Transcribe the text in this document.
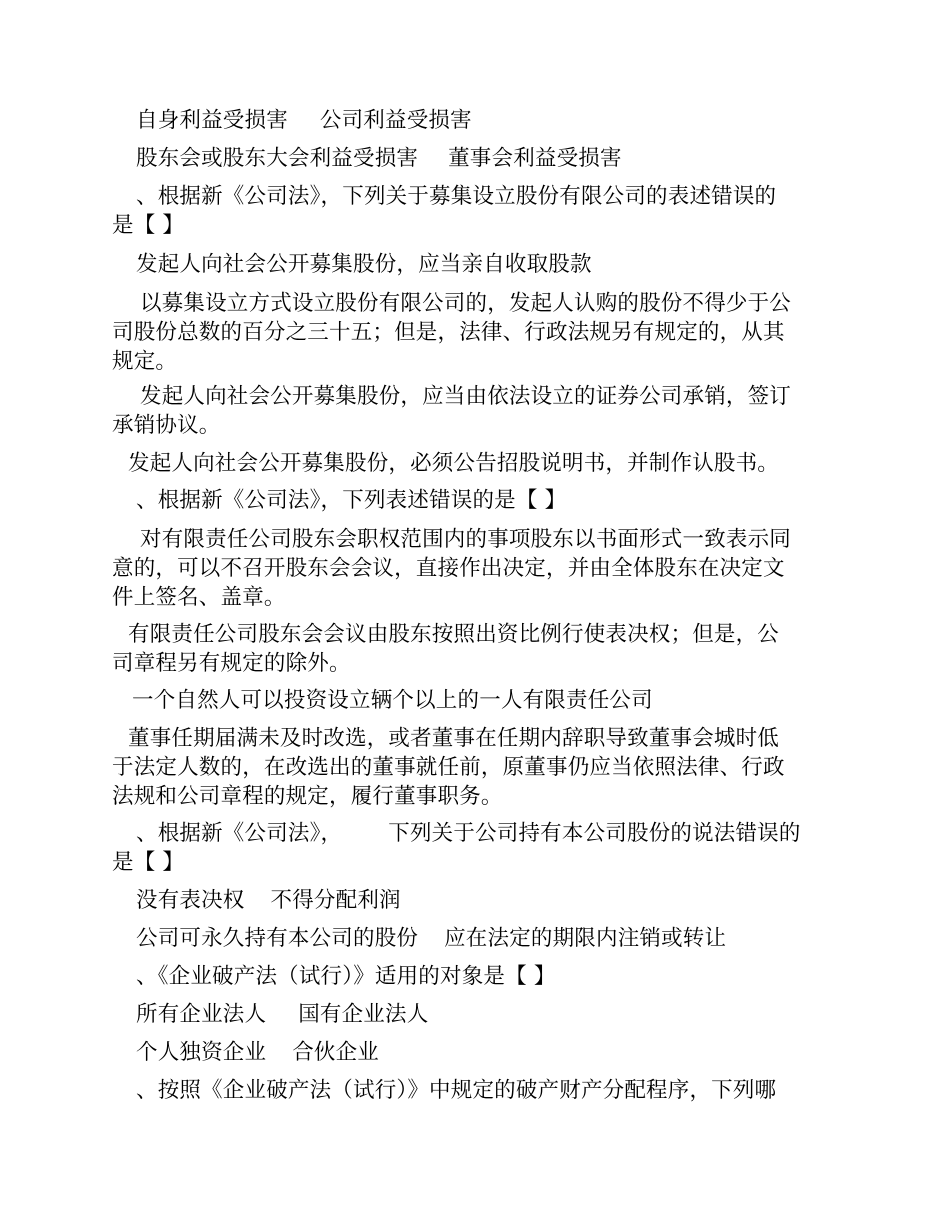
自身利益受损害 公司利益受损害
股东会或股东大会利益受损害 董事会利益受损害
、根据新《公司法》，下列关于募集设立股份有限公司的表述错误的
是【 】
发起人向社会公开募集股份，应当亲自收取股款
以募集设立方式设立股份有限公司的，发起人认购的股份不得少于公
司股份总数的百分之三十五；但是，法律、行政法规另有规定的，从其
规定。
发起人向社会公开募集股份，应当由依法设立的证券公司承销，签订
承销协议。
发起人向社会公开募集股份，必须公告招股说明书，并制作认股书。
、根据新《公司法》，下列表述错误的是【 】
对有限责任公司股东会职权范围内的事项股东以书面形式一致表示同
意的，可以不召开股东会会议，直接作出决定，并由全体股东在决定文
件上签名、盖章。
有限责任公司股东会会议由股东按照出资比例行使表决权；但是，公
司章程另有规定的除外。
一个自然人可以投资设立辆个以上的一人有限责任公司
董事任期届满未及时改选，或者董事在任期内辞职导致董事会城时低
于法定人数的，在改选出的董事就任前，原董事仍应当依照法律、行政
法规和公司章程的规定，履行董事职务。
、根据新《公司法》， 下列关于公司持有本公司股份的说法错误的
是【 】
没有表决权 不得分配利润
公司可永久持有本公司的股份 应在法定的期限内注销或转让
、《企业破产法（试行）》适用的对象是【 】
所有企业法人 国有企业法人
个人独资企业 合伙企业
、按照《企业破产法（试行）》中规定的破产财产分配程序，下列哪
